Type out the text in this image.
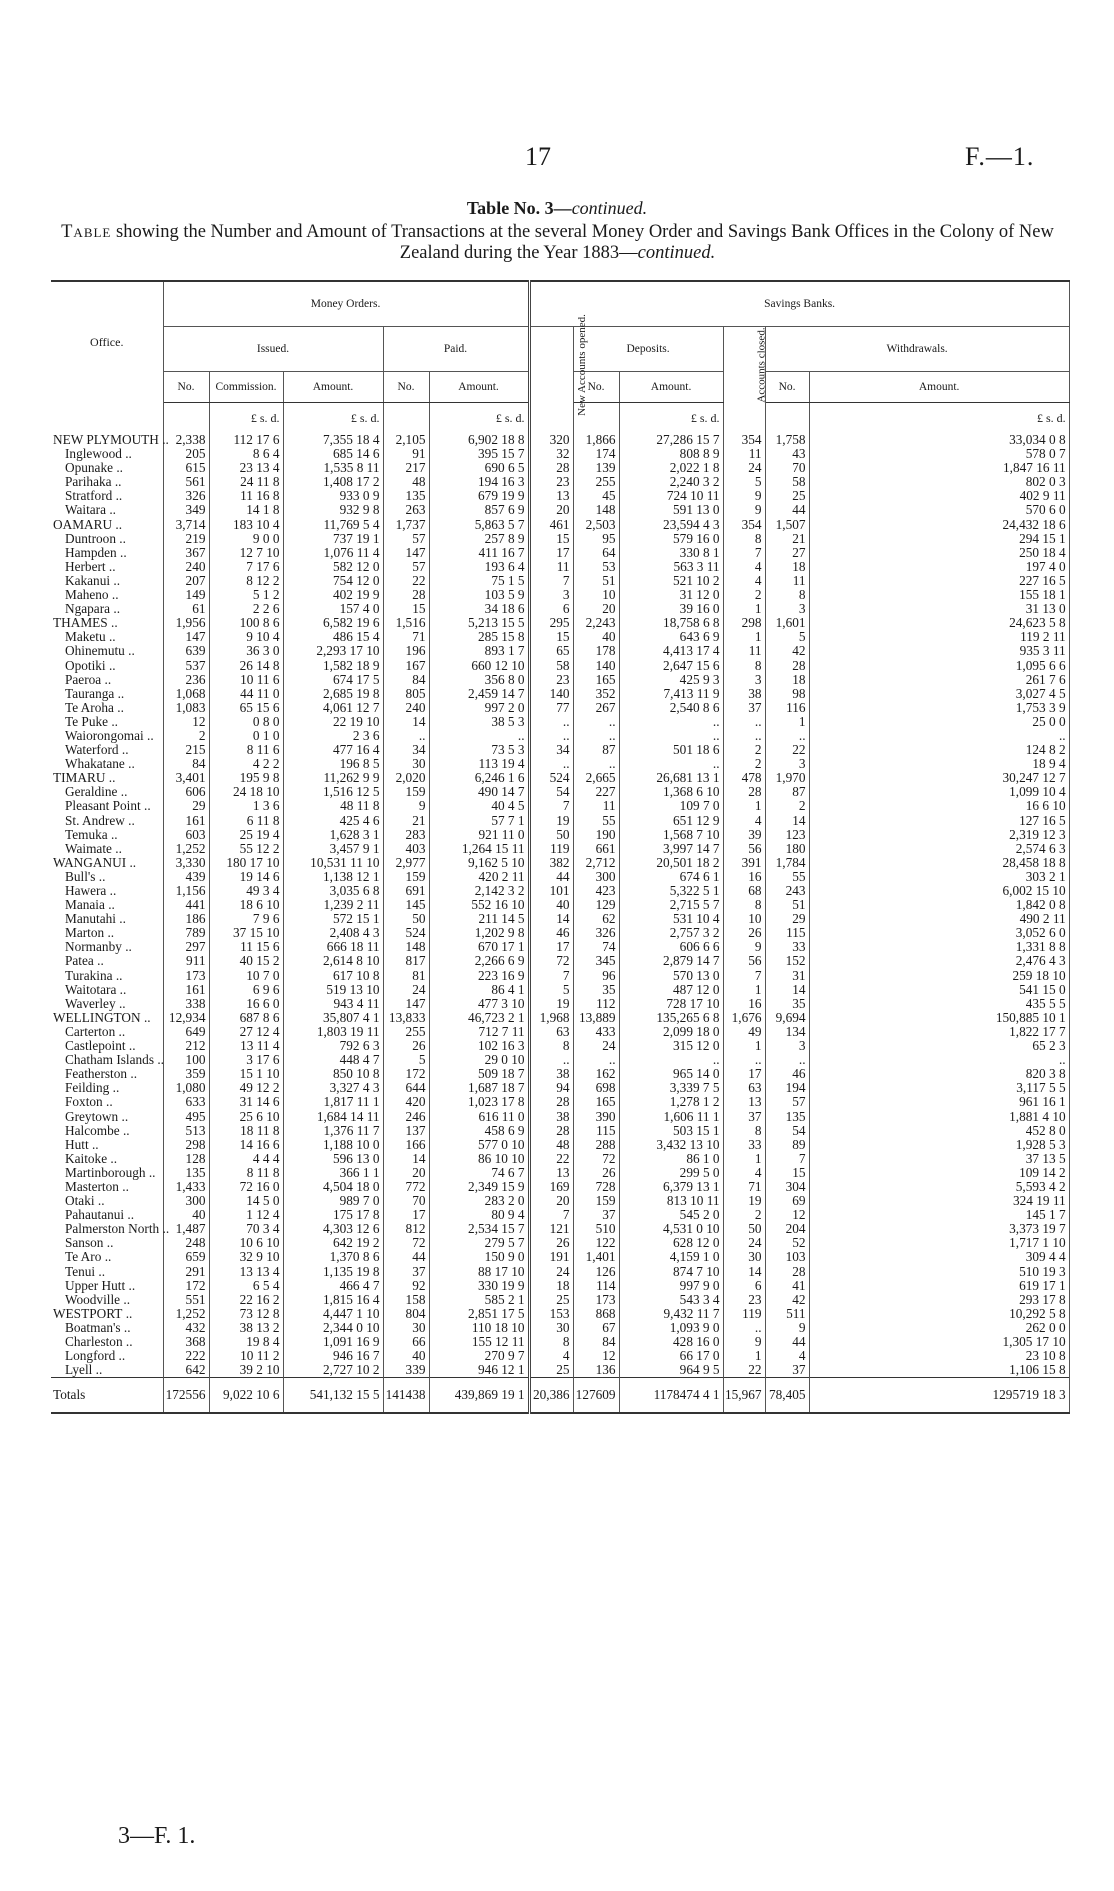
17	F.—1.
Table No. 3—continued.
Table showing the Number and Amount of Transactions at the several Money Order and Savings Bank Offices in the Colony of New Zealand during the Year 1883—continued.
Office.	Money Orders.					Savings Banks.					
	Issued.			Paid.		New Accounts opened.	Deposits.		Accounts closed.	Withdrawals.	
	No.	Commission.	Amount.	No.	Amount.		No.	Amount.		No.	Amount.
		£ s. d.	£ s. d.		£ s. d.			£ s. d.			£ s. d.
NEW PLYMOUTH ..	2,338	112 17 6	7,355 18 4	2,105	6,902 18 8	320	1,866	27,286 15 7	354	1,758	33,034 0 8
Inglewood ..	205	8 6 4	685 14 6	91	395 15 7	32	174	808 8 9	11	43	578 0 7
Opunake ..	615	23 13 4	1,535 8 11	217	690 6 5	28	139	2,022 1 8	24	70	1,847 16 11
Parihaka ..	561	24 11 8	1,408 17 2	48	194 16 3	23	255	2,240 3 2	5	58	802 0 3
Stratford ..	326	11 16 8	933 0 9	135	679 19 9	13	45	724 10 11	9	25	402 9 11
Waitara ..	349	14 1 8	932 9 8	263	857 6 9	20	148	591 13 0	9	44	570 6 0
OAMARU ..	3,714	183 10 4	11,769 5 4	1,737	5,863 5 7	461	2,503	23,594 4 3	354	1,507	24,432 18 6
Duntroon ..	219	9 0 0	737 19 1	57	257 8 9	15	95	579 16 0	8	21	294 15 1
Hampden ..	367	12 7 10	1,076 11 4	147	411 16 7	17	64	330 8 1	7	27	250 18 4
Herbert ..	240	7 17 6	582 12 0	57	193 6 4	11	53	563 3 11	4	18	197 4 0
Kakanui ..	207	8 12 2	754 12 0	22	75 1 5	7	51	521 10 2	4	11	227 16 5
Maheno ..	149	5 1 2	402 19 9	28	103 5 9	3	10	31 12 0	2	8	155 18 1
Ngapara ..	61	2 2 6	157 4 0	15	34 18 6	6	20	39 16 0	1	3	31 13 0
THAMES ..	1,956	100 8 6	6,582 19 6	1,516	5,213 15 5	295	2,243	18,758 6 8	298	1,601	24,623 5 8
Maketu ..	147	9 10 4	486 15 4	71	285 15 8	15	40	643 6 9	1	5	119 2 11
Ohinemutu ..	639	36 3 0	2,293 17 10	196	893 1 7	65	178	4,413 17 4	11	42	935 3 11
Opotiki ..	537	26 14 8	1,582 18 9	167	660 12 10	58	140	2,647 15 6	8	28	1,095 6 6
Paeroa ..	236	10 11 6	674 17 5	84	356 8 0	23	165	425 9 3	3	18	261 7 6
Tauranga ..	1,068	44 11 0	2,685 19 8	805	2,459 14 7	140	352	7,413 11 9	38	98	3,027 4 5
Te Aroha ..	1,083	65 15 6	4,061 12 7	240	997 2 0	77	267	2,540 8 6	37	116	1,753 3 9
Te Puke ..	12	0 8 0	22 19 10	14	38 5 3	..	..	..	..	1	25 0 0
Waiorongomai ..	2	0 1 0	2 3 6	..	..	..	..	..	..	..	..
Waterford ..	215	8 11 6	477 16 4	34	73 5 3	34	87	501 18 6	2	22	124 8 2
Whakatane ..	84	4 2 2	196 8 5	30	113 19 4	..	..	..	2	3	18 9 4
TIMARU ..	3,401	195 9 8	11,262 9 9	2,020	6,246 1 6	524	2,665	26,681 13 1	478	1,970	30,247 12 7
Geraldine ..	606	24 18 10	1,516 12 5	159	490 14 7	54	227	1,368 6 10	28	87	1,099 10 4
Pleasant Point ..	29	1 3 6	48 11 8	9	40 4 5	7	11	109 7 0	1	2	16 6 10
St. Andrew ..	161	6 11 8	425 4 6	21	57 7 1	19	55	651 12 9	4	14	127 16 5
Temuka ..	603	25 19 4	1,628 3 1	283	921 11 0	50	190	1,568 7 10	39	123	2,319 12 3
Waimate ..	1,252	55 12 2	3,457 9 1	403	1,264 15 11	119	661	3,997 14 7	56	180	2,574 6 3
WANGANUI ..	3,330	180 17 10	10,531 11 10	2,977	9,162 5 10	382	2,712	20,501 18 2	391	1,784	28,458 18 8
Bull's ..	439	19 14 6	1,138 12 1	159	420 2 11	44	300	674 6 1	16	55	303 2 1
Hawera ..	1,156	49 3 4	3,035 6 8	691	2,142 3 2	101	423	5,322 5 1	68	243	6,002 15 10
Manaia ..	441	18 6 10	1,239 2 11	145	552 16 10	40	129	2,715 5 7	8	51	1,842 0 8
Manutahi ..	186	7 9 6	572 15 1	50	211 14 5	14	62	531 10 4	10	29	490 2 11
Marton ..	789	37 15 10	2,408 4 3	524	1,202 9 8	46	326	2,757 3 2	26	115	3,052 6 0
Normanby ..	297	11 15 6	666 18 11	148	670 17 1	17	74	606 6 6	9	33	1,331 8 8
Patea ..	911	40 15 2	2,614 8 10	817	2,266 6 9	72	345	2,879 14 7	56	152	2,476 4 3
Turakina ..	173	10 7 0	617 10 8	81	223 16 9	7	96	570 13 0	7	31	259 18 10
Waitotara ..	161	6 9 6	519 13 10	24	86 4 1	5	35	487 12 0	1	14	541 15 0
Waverley ..	338	16 6 0	943 4 11	147	477 3 10	19	112	728 17 10	16	35	435 5 5
WELLINGTON ..	12,934	687 8 6	35,807 4 1	13,833	46,723 2 1	1,968	13,889	135,265 6 8	1,676	9,694	150,885 10 1
Carterton ..	649	27 12 4	1,803 19 11	255	712 7 11	63	433	2,099 18 0	49	134	1,822 17 7
Castlepoint ..	212	13 11 4	792 6 3	26	102 16 3	8	24	315 12 0	1	3	65 2 3
Chatham Islands ..	100	3 17 6	448 4 7	5	29 0 10	..	..	..	..	..	..
Featherston ..	359	15 1 10	850 10 8	172	509 18 7	38	162	965 14 0	17	46	820 3 8
Feilding ..	1,080	49 12 2	3,327 4 3	644	1,687 18 7	94	698	3,339 7 5	63	194	3,117 5 5
Foxton ..	633	31 14 6	1,817 11 1	420	1,023 17 8	28	165	1,278 1 2	13	57	961 16 1
Greytown ..	495	25 6 10	1,684 14 11	246	616 11 0	38	390	1,606 11 1	37	135	1,881 4 10
Halcombe ..	513	18 11 8	1,376 11 7	137	458 6 9	28	115	503 15 1	8	54	452 8 0
Hutt ..	298	14 16 6	1,188 10 0	166	577 0 10	48	288	3,432 13 10	33	89	1,928 5 3
Kaitoke ..	128	4 4 4	596 13 0	14	86 10 10	22	72	86 1 0	1	7	37 13 5
Martinborough ..	135	8 11 8	366 1 1	20	74 6 7	13	26	299 5 0	4	15	109 14 2
Masterton ..	1,433	72 16 0	4,504 18 0	772	2,349 15 9	169	728	6,379 13 1	71	304	5,593 4 2
Otaki ..	300	14 5 0	989 7 0	70	283 2 0	20	159	813 10 11	19	69	324 19 11
Pahautanui ..	40	1 12 4	175 17 8	17	80 9 4	7	37	545 2 0	2	12	145 1 7
Palmerston North ..	1,487	70 3 4	4,303 12 6	812	2,534 15 7	121	510	4,531 0 10	50	204	3,373 19 7
Sanson ..	248	10 6 10	642 19 2	72	279 5 7	26	122	628 12 0	24	52	1,717 1 10
Te Aro ..	659	32 9 10	1,370 8 6	44	150 9 0	191	1,401	4,159 1 0	30	103	309 4 4
Tenui ..	291	13 13 4	1,135 19 8	37	88 17 10	24	126	874 7 10	14	28	510 19 3
Upper Hutt ..	172	6 5 4	466 4 7	92	330 19 9	18	114	997 9 0	6	41	619 17 1
Woodville ..	551	22 16 2	1,815 16 4	158	585 2 1	25	173	543 3 4	23	42	293 17 8
WESTPORT ..	1,252	73 12 8	4,447 1 10	804	2,851 17 5	153	868	9,432 11 7	119	511	10,292 5 8
Boatman's ..	432	38 13 2	2,344 0 10	30	110 18 10	30	67	1,093 9 0	..	9	262 0 0
Charleston ..	368	19 8 4	1,091 16 9	66	155 12 11	8	84	428 16 0	9	44	1,305 17 10
Longford ..	222	10 11 2	946 16 7	40	270 9 7	4	12	66 17 0	1	4	23 10 8
Lyell ..	642	39 2 10	2,727 10 2	339	946 12 1	25	136	964 9 5	22	37	1,106 15 8
Totals	172556	9,022 10 6	541,132 15 5	141438	439,869 19 1	20,386	127609	1178474 4 1	15,967	78,405	1295719 18 3
3—F. 1.
